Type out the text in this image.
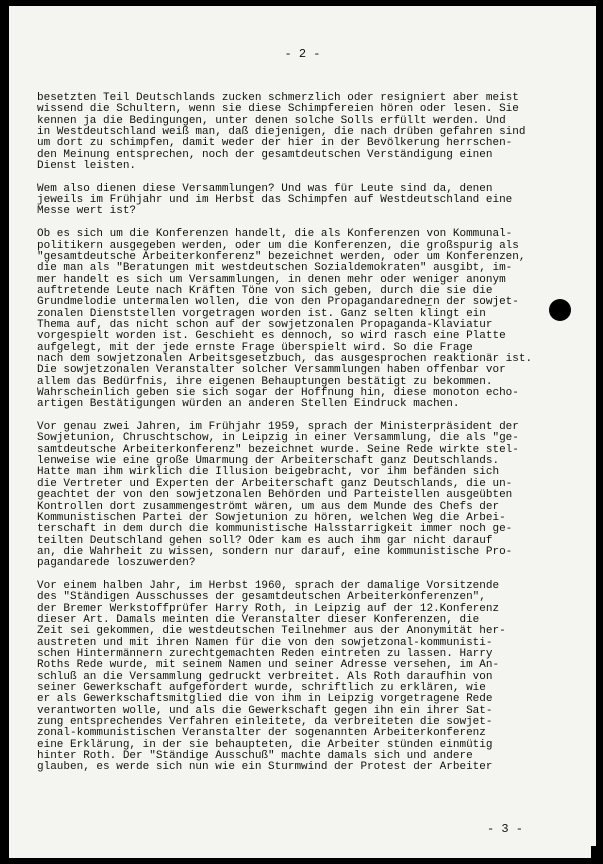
- 2 -
besetzten Teil Deutschlands zucken schmerzlich oder resigniert aber meist
wissend die Schultern, wenn sie diese Schimpfereien hören oder lesen. Sie
kennen ja die Bedingungen, unter denen solche Solls erfüllt werden. Und
in Westdeutschland weiß man, daß diejenigen, die nach drüben gefahren sind
um dort zu schimpfen, damit weder der hier in der Bevölkerung herrschen-
den Meinung entsprechen, noch der gesamtdeutschen Verständigung einen
Dienst leisten.
Wem also dienen diese Versammlungen? Und was für Leute sind da, denen
jeweils im Frühjahr und im Herbst das Schimpfen auf Westdeutschland eine
Messe wert ist?
Ob es sich um die Konferenzen handelt, die als Konferenzen von Kommunal-
politikern ausgegeben werden, oder um die Konferenzen, die großspurig als
"gesamtdeutsche Arbeiterkonferenz" bezeichnet werden, oder um Konferenzen,
die man als "Beratungen mit westdeutschen Sozialdemokraten" ausgibt, im-
mer handelt es sich um Versammlungen, in denen mehr oder weniger anonym
auftretende Leute nach Kräften Töne von sich geben, durch die sie die
Grundmelodie untermalen wollen, die von den Propagandaredner̲n der sowjet-
zonalen Dienststellen vorgetragen worden ist. Ganz selten klingt ein
Thema auf, das nicht schon auf der sowjetzonalen Propaganda-Klaviatur
vorgespielt worden ist. Geschieht es dennoch, so wird rasch eine Platte
aufgelegt, mit der jede ernste Frage überspielt wird. So die Frage
nach dem sowjetzonalen Arbeitsgesetzbuch, das ausgesprochen reaktionär ist.
Die sowjetzonalen Veranstalter solcher Versammlungen haben offenbar vor
allem das Bedürfnis, ihre eigenen Behauptungen bestätigt zu bekommen.
Wahrscheinlich geben sie sich sogar der Hoffnung hin, diese monoton echo-
artigen Bestätigungen würden an anderen Stellen Eindruck machen.
Vor genau zwei Jahren, im Frühjahr 1959, sprach der Ministerpräsident der
Sowjetunion, Chruschtschow, in Leipzig in einer Versammlung, die als "ge-
samtdeutsche Arbeiterkonferenz" bezeichnet wurde. Seine Rede wirkte stel-
lenweise wie eine große Umarmung der Arbeiterschaft ganz Deutschlands.
Hatte man ihm wirklich die Illusion beigebracht, vor ihm befänden sich
die Vertreter und Experten der Arbeiterschaft ganz Deutschlands, die un-
geachtet der von den sowjetzonalen Behörden und Parteistellen ausgeübten
Kontrollen dort zusammengeströmt wären, um aus dem Munde des Chefs der
Kommunistischen Partei der Sowjetunion zu hören, welchen Weg die Arbei-
terschaft in dem durch die kommunistische Halsstarrigkeit immer noch ge-
teilten Deutschland gehen soll? Oder kam es auch ihm gar nicht darauf
an, die Wahrheit zu wissen, sondern nur darauf, eine kommunistische Pro-
pagandarede loszuwerden?
Vor einem halben Jahr, im Herbst 1960, sprach der damalige Vorsitzende
des "Ständigen Ausschusses der gesamtdeutschen Arbeiterkonferenzen",
der Bremer Werkstoffprüfer Harry Roth, in Leipzig auf der 12.Konferenz
dieser Art. Damals meinten die Veranstalter dieser Konferenzen, die
Zeit sei gekommen, die westdeutschen Teilnehmer aus der Anonymität her-
austreten und mit ihren Namen für die von den sowjetzonal-kommunisti-
schen Hintermännern zurechtgemachten Reden eintreten zu lassen. Harry
Roths Rede wurde, mit seinem Namen und seiner Adresse versehen, im An-
schluß an die Versammlung gedruckt verbreitet. Als Roth daraufhin von
seiner Gewerkschaft aufgefordert wurde, schriftlich zu erklären, wie
er als Gewerkschaftsmitglied die von ihm in Leipzig vorgetragene Rede
verantworten wolle, und als die Gewerkschaft gegen ihn ein ihrer Sat-
zung entsprechendes Verfahren einleitete, da verbreiteten die sowjet-
zonal-kommunistischen Veranstalter der sogenannten Arbeiterkonferenz
eine Erklärung, in der sie behaupteten, die Arbeiter stünden einmütig
hinter Roth. Der "Ständige Ausschuß" machte damals sich und andere
glauben, es werde sich nun wie ein Sturmwind der Protest der Arbeiter
- 3 -
